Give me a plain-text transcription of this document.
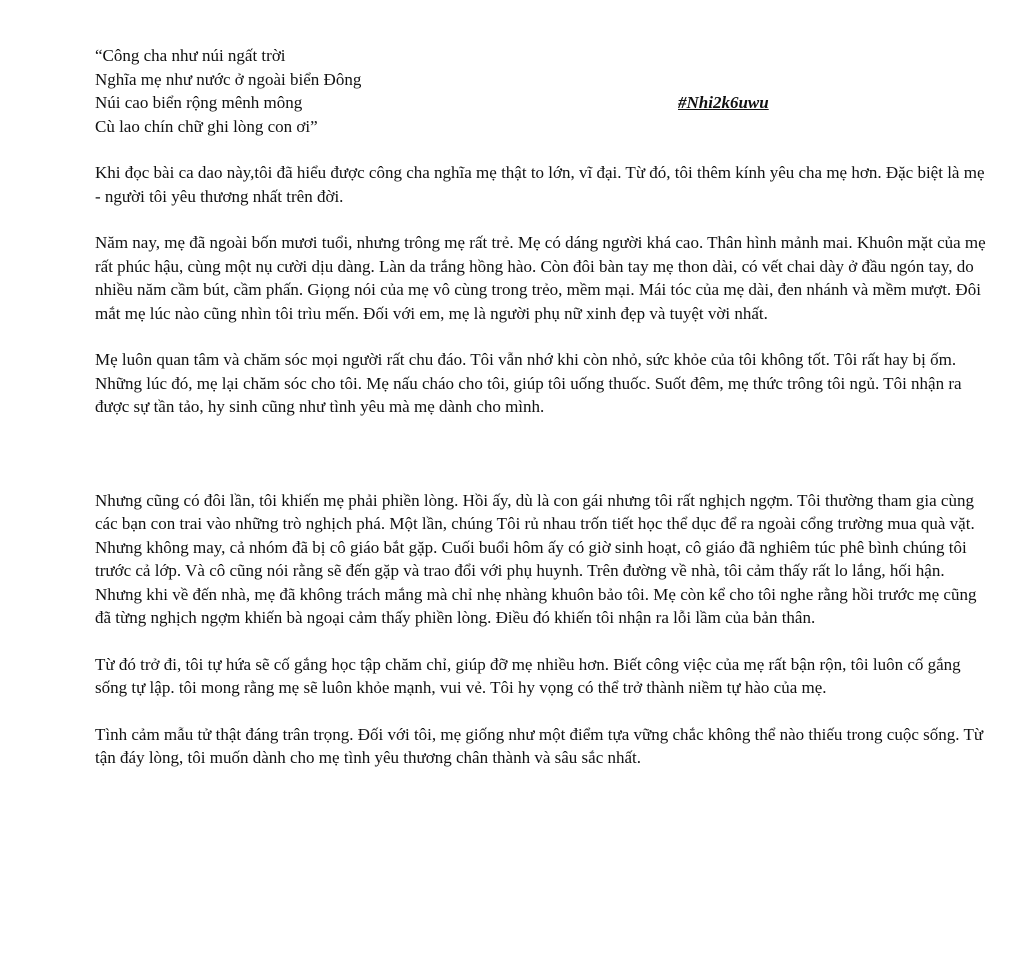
“Công cha như núi ngất trời
Nghĩa mẹ như nước ở ngoài biển Đông
Núi cao biển rộng mênh mông
Cù lao chín chữ ghi lòng con ơi”
#Nhi2k6uwu

Khi đọc bài ca dao này,tôi đã hiểu được công cha nghĩa mẹ thật to lớn, vĩ đại. Từ đó, tôi thêm kính yêu cha mẹ hơn. Đặc biệt là mẹ - người tôi yêu thương nhất trên đời.

Năm nay, mẹ đã ngoài bốn mươi tuổi, nhưng trông mẹ rất trẻ. Mẹ có dáng người khá cao. Thân hình mảnh mai. Khuôn mặt của mẹ rất phúc hậu, cùng một nụ cười dịu dàng. Làn da trắng hồng hào. Còn đôi bàn tay mẹ thon dài, có vết chai dày ở đầu ngón tay, do nhiều năm cầm bút, cầm phấn. Giọng nói của mẹ vô cùng trong trẻo, mềm mại. Mái tóc của mẹ dài, đen nhánh và mềm mượt. Đôi mắt mẹ lúc nào cũng nhìn tôi trìu mến. Đối với em, mẹ là người phụ nữ xinh đẹp và tuyệt vời nhất.

Mẹ luôn quan tâm và chăm sóc mọi người rất chu đáo. Tôi vẫn nhớ khi còn nhỏ, sức khỏe của tôi không tốt. Tôi rất hay bị ốm. Những lúc đó, mẹ lại chăm sóc cho tôi. Mẹ nấu cháo cho tôi, giúp tôi uống thuốc. Suốt đêm, mẹ thức trông tôi ngủ. Tôi nhận ra được sự tần tảo, hy sinh cũng như tình yêu mà mẹ dành cho mình.

Nhưng cũng có đôi lần, tôi khiến mẹ phải phiền lòng. Hồi ấy, dù là con gái nhưng tôi rất nghịch ngợm. Tôi thường tham gia cùng các bạn con trai vào những trò nghịch phá. Một lần, chúng Tôi rủ nhau trốn tiết học thể dục để ra ngoài cổng trường mua quà vặt. Nhưng không may, cả nhóm đã bị cô giáo bắt gặp. Cuối buổi hôm ấy có giờ sinh hoạt, cô giáo đã nghiêm túc phê bình chúng tôi trước cả lớp. Và cô cũng nói rằng sẽ đến gặp và trao đổi với phụ huynh. Trên đường về nhà, tôi cảm thấy rất lo lắng, hối hận. Nhưng khi về đến nhà, mẹ đã không trách mắng mà chỉ nhẹ nhàng khuôn bảo tôi. Mẹ còn kể cho tôi nghe rằng hồi trước mẹ cũng đã từng nghịch ngợm khiến bà ngoại cảm thấy phiền lòng. Điều đó khiến tôi nhận ra lỗi lầm của bản thân.

Từ đó trở đi, tôi tự hứa sẽ cố gắng học tập chăm chỉ, giúp đỡ mẹ nhiều hơn. Biết công việc của mẹ rất bận rộn, tôi luôn cố gắng sống tự lập. tôi mong rằng mẹ sẽ luôn khỏe mạnh, vui vẻ. Tôi hy vọng có thể trở thành niềm tự hào của mẹ.

Tình cảm mẫu tử thật đáng trân trọng. Đối với tôi, mẹ giống như một điểm tựa vững chắc không thể nào thiếu trong cuộc sống. Từ tận đáy lòng, tôi muốn dành cho mẹ tình yêu thương chân thành và sâu sắc nhất.
